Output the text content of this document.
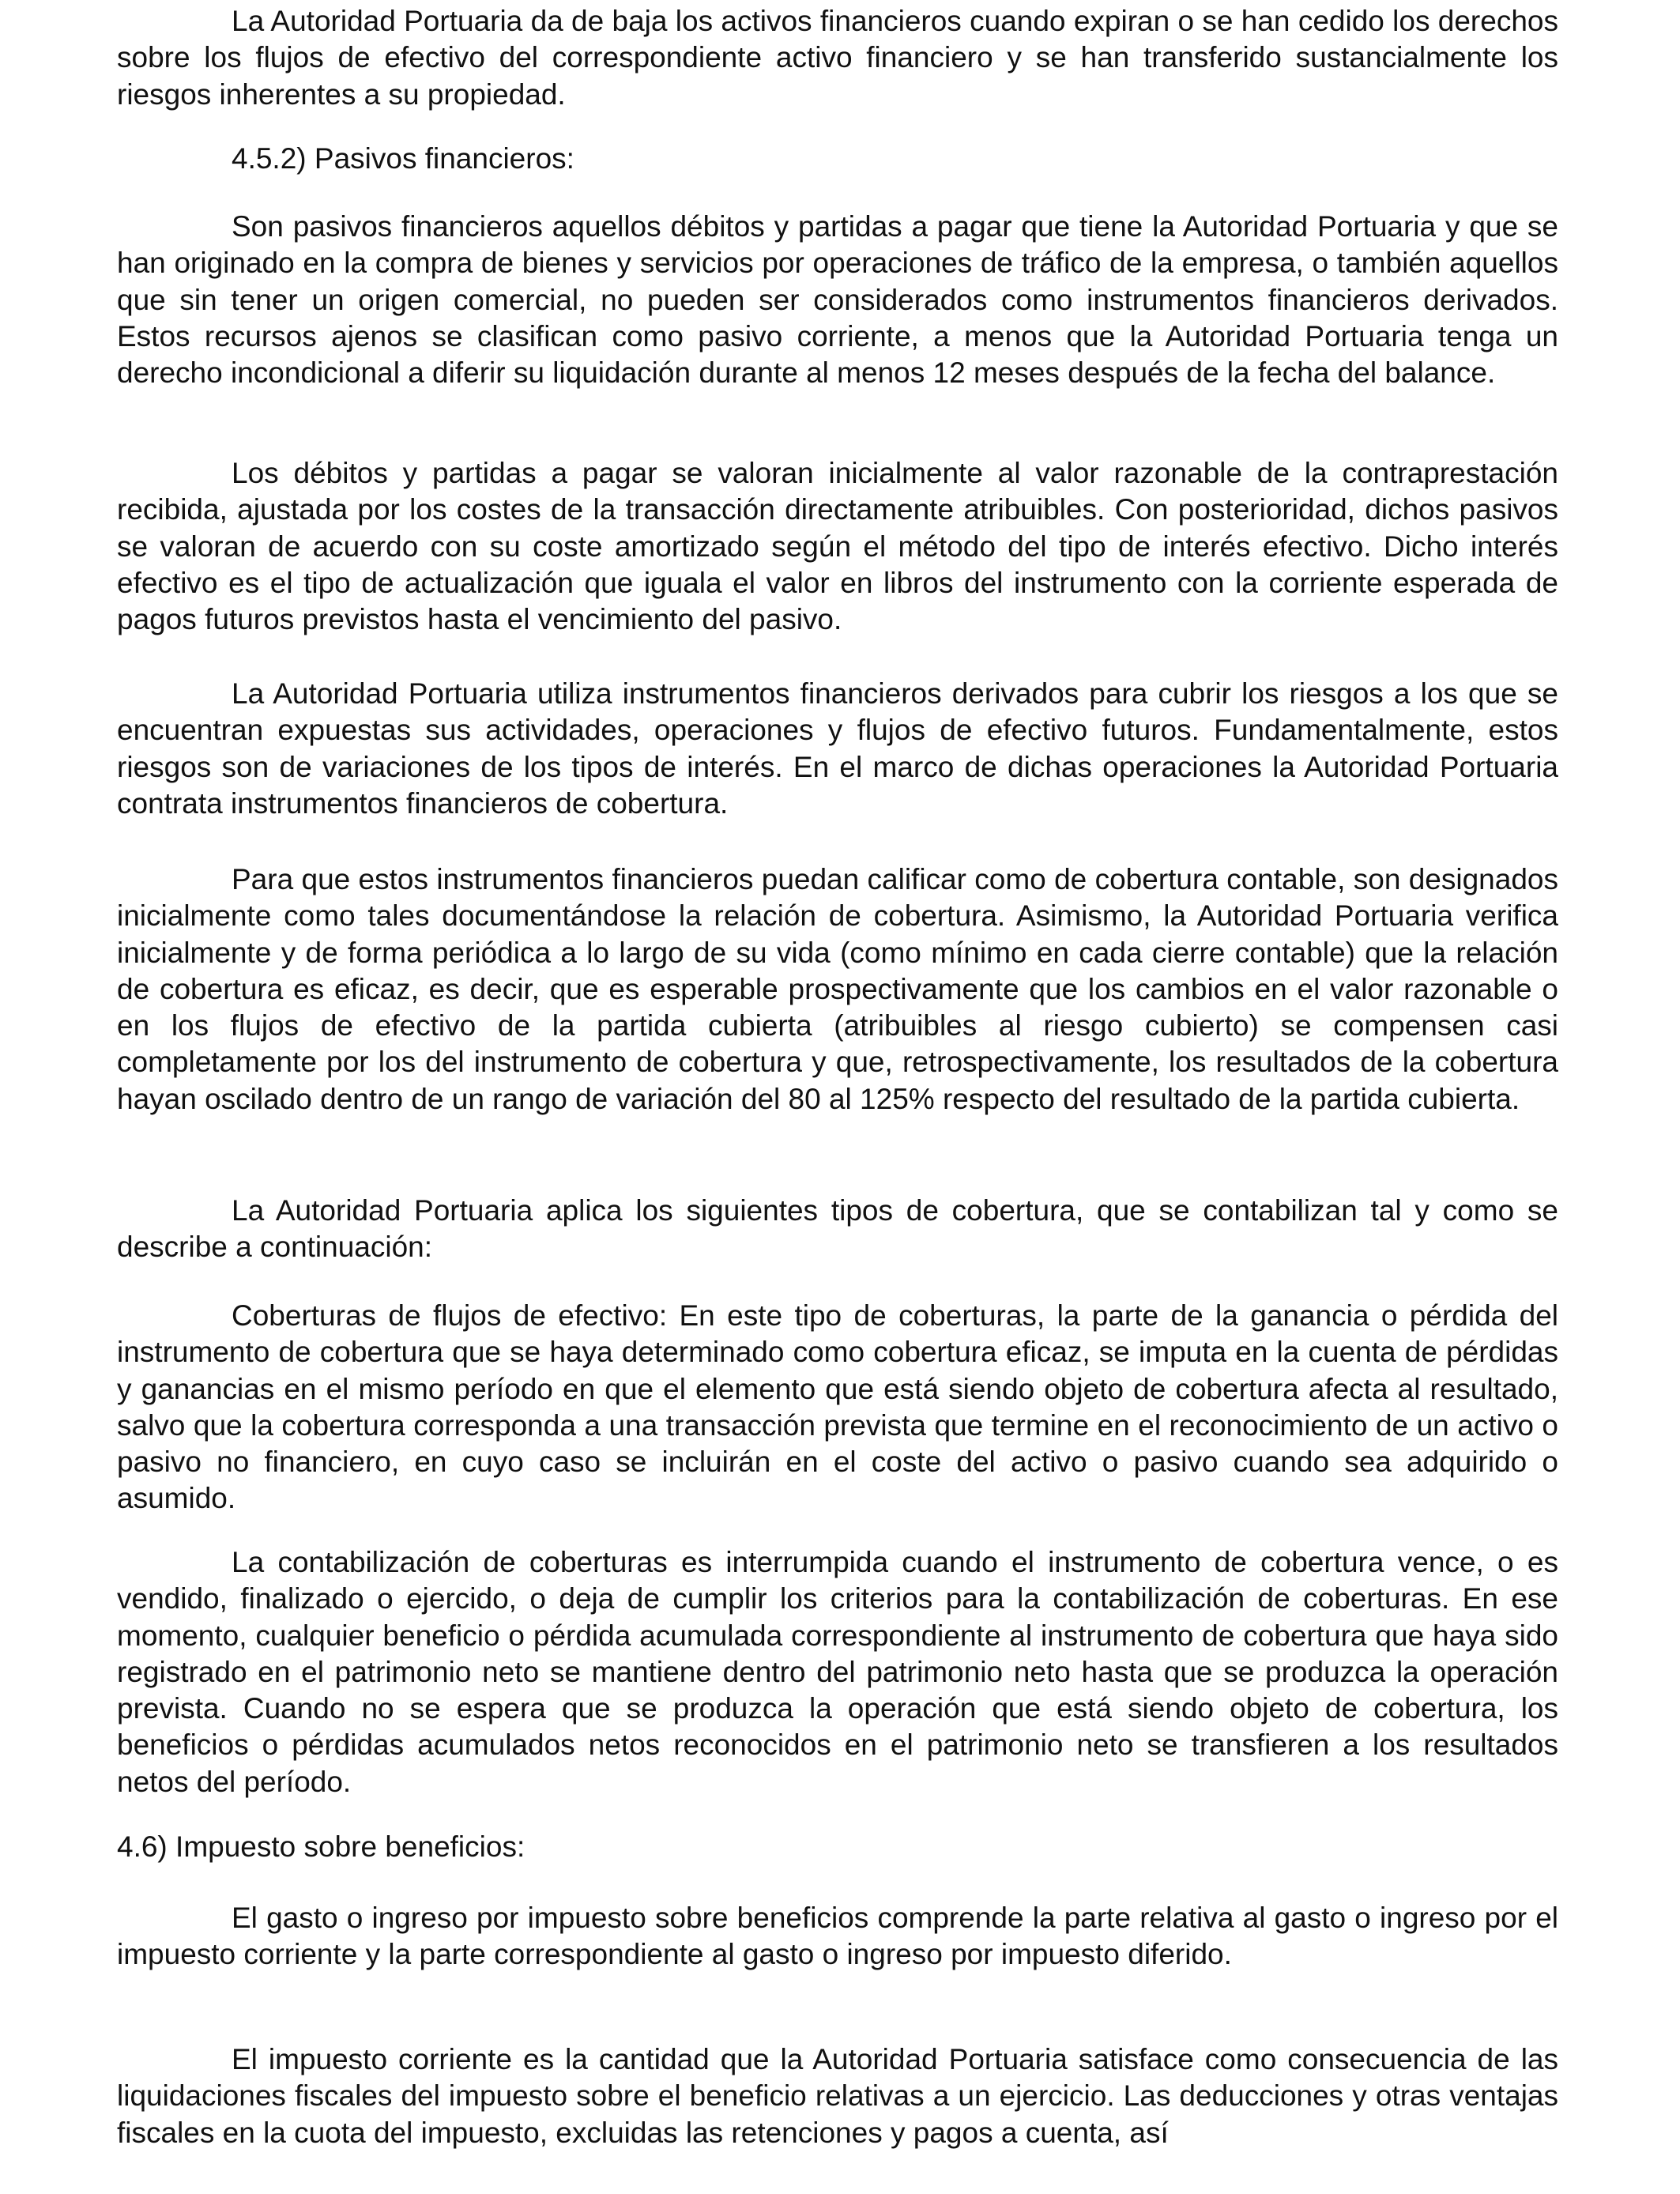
La Autoridad Portuaria da de baja los activos financieros cuando expiran o se han cedido los derechos sobre los flujos de efectivo del correspondiente activo financiero y se han transferido sustancialmente los riesgos inherentes a su propiedad.

4.5.2) Pasivos financieros:

Son pasivos financieros aquellos débitos y partidas a pagar que tiene la Autoridad Portuaria y que se han originado en la compra de bienes y servicios por operaciones de tráfico de la empresa, o también aquellos que sin tener un origen comercial, no pueden ser considerados como instrumentos financieros derivados. Estos recursos ajenos se clasifican como pasivo corriente, a menos que la Autoridad Portuaria tenga un derecho incondicional a diferir su liquidación durante al menos 12 meses después de la fecha del balance.

Los débitos y partidas a pagar se valoran inicialmente al valor razonable de la contraprestación recibida, ajustada por los costes de la transacción directamente atribuibles. Con posterioridad, dichos pasivos se valoran de acuerdo con su coste amortizado según el método del tipo de interés efectivo. Dicho interés efectivo es el tipo de actualización que iguala el valor en libros del instrumento con la corriente esperada de pagos futuros previstos hasta el vencimiento del pasivo.

La Autoridad Portuaria utiliza instrumentos financieros derivados para cubrir los riesgos a los que se encuentran expuestas sus actividades, operaciones y flujos de efectivo futuros. Fundamentalmente, estos riesgos son de variaciones de los tipos de interés. En el marco de dichas operaciones la Autoridad Portuaria contrata instrumentos financieros de cobertura.

Para que estos instrumentos financieros puedan calificar como de cobertura contable, son designados inicialmente como tales documentándose la relación de cobertura. Asimismo, la Autoridad Portuaria verifica inicialmente y de forma periódica a lo largo de su vida (como mínimo en cada cierre contable) que la relación de cobertura es eficaz, es decir, que es esperable prospectivamente que los cambios en el valor razonable o en los flujos de efectivo de la partida cubierta (atribuibles al riesgo cubierto) se compensen casi completamente por los del instrumento de cobertura y que, retrospectivamente, los resultados de la cobertura hayan oscilado dentro de un rango de variación del 80 al 125% respecto del resultado de la partida cubierta.

La Autoridad Portuaria aplica los siguientes tipos de cobertura, que se contabilizan tal y como se describe a continuación:

Coberturas de flujos de efectivo: En este tipo de coberturas, la parte de la ganancia o pérdida del instrumento de cobertura que se haya determinado como cobertura eficaz, se imputa en la cuenta de pérdidas y ganancias en el mismo período en que el elemento que está siendo objeto de cobertura afecta al resultado, salvo que la cobertura corresponda a una transacción prevista que termine en el reconocimiento de un activo o pasivo no financiero, en cuyo caso se incluirán en el coste del activo o pasivo cuando sea adquirido o asumido.

La contabilización de coberturas es interrumpida cuando el instrumento de cobertura vence, o es vendido, finalizado o ejercido, o deja de cumplir los criterios para la contabilización de coberturas. En ese momento, cualquier beneficio o pérdida acumulada correspondiente al instrumento de cobertura que haya sido registrado en el patrimonio neto se mantiene dentro del patrimonio neto hasta que se produzca la operación prevista. Cuando no se espera que se produzca la operación que está siendo objeto de cobertura, los beneficios o pérdidas acumulados netos reconocidos en el patrimonio neto se transfieren a los resultados netos del período.

4.6) Impuesto sobre beneficios:

El gasto o ingreso por impuesto sobre beneficios comprende la parte relativa al gasto o ingreso por el impuesto corriente y la parte correspondiente al gasto o ingreso por impuesto diferido.

El impuesto corriente es la cantidad que la Autoridad Portuaria satisface como consecuencia de las liquidaciones fiscales del impuesto sobre el beneficio relativas a un ejercicio. Las deducciones y otras ventajas fiscales en la cuota del impuesto, excluidas las retenciones y pagos a cuenta, así
